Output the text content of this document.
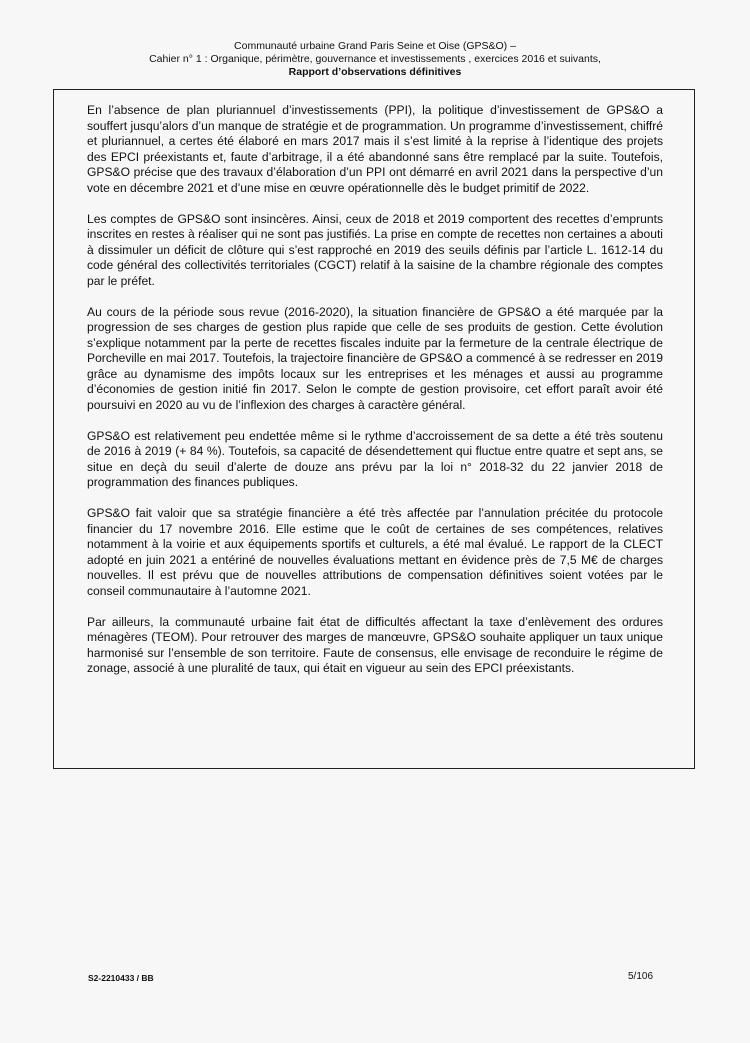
Communauté urbaine Grand Paris Seine et Oise (GPS&O) –
Cahier n° 1 : Organique, périmètre, gouvernance et investissements , exercices 2016 et suivants,
Rapport d’observations définitives

En l’absence de plan pluriannuel d’investissements (PPI), la politique d’investissement de GPS&O a souffert jusqu’alors d’un manque de stratégie et de programmation. Un programme d’investissement, chiffré et pluriannuel, a certes été élaboré en mars 2017 mais il s’est limité à la reprise à l’identique des projets des EPCI préexistants et, faute d’arbitrage, il a été abandonné sans être remplacé par la suite. Toutefois, GPS&O précise que des travaux d’élaboration d’un PPI ont démarré en avril 2021 dans la perspective d’un vote en décembre 2021 et d’une mise en œuvre opérationnelle dès le budget primitif de 2022.

Les comptes de GPS&O sont insincères. Ainsi, ceux de 2018 et 2019 comportent des recettes d’emprunts inscrites en restes à réaliser qui ne sont pas justifiés. La prise en compte de recettes non certaines a abouti à dissimuler un déficit de clôture qui s’est rapproché en 2019 des seuils définis par l’article L. 1612-14 du code général des collectivités territoriales (CGCT) relatif à la saisine de la chambre régionale des comptes par le préfet.

Au cours de la période sous revue (2016-2020), la situation financière de GPS&O a été marquée par la progression de ses charges de gestion plus rapide que celle de ses produits de gestion. Cette évolution s’explique notamment par la perte de recettes fiscales induite par la fermeture de la centrale électrique de Porcheville en mai 2017. Toutefois, la trajectoire financière de GPS&O a commencé à se redresser en 2019 grâce au dynamisme des impôts locaux sur les entreprises et les ménages et aussi au programme d’économies de gestion initié fin 2017. Selon le compte de gestion provisoire, cet effort paraît avoir été poursuivi en 2020 au vu de l’inflexion des charges à caractère général.

GPS&O est relativement peu endettée même si le rythme d’accroissement de sa dette a été très soutenu de 2016 à 2019 (+ 84 %). Toutefois, sa capacité de désendettement qui fluctue entre quatre et sept ans, se situe en deçà du seuil d’alerte de douze ans prévu par la loi n° 2018-32 du 22 janvier 2018 de programmation des finances publiques.

GPS&O fait valoir que sa stratégie financière a été très affectée par l’annulation précitée du protocole financier du 17 novembre 2016. Elle estime que le coût de certaines de ses compétences, relatives notamment à la voirie et aux équipements sportifs et culturels, a été mal évalué. Le rapport de la CLECT adopté en juin 2021 a entériné de nouvelles évaluations mettant en évidence près de 7,5 M€ de charges nouvelles. Il est prévu que de nouvelles attributions de compensation définitives soient votées par le conseil communautaire à l’automne 2021.

Par ailleurs, la communauté urbaine fait état de difficultés affectant la taxe d’enlèvement des ordures ménagères (TEOM). Pour retrouver des marges de manœuvre, GPS&O souhaite appliquer un taux unique harmonisé sur l’ensemble de son territoire. Faute de consensus, elle envisage de reconduire le régime de zonage, associé à une pluralité de taux, qui était en vigueur au sein des EPCI préexistants.

S2-2210433 / BB	5/106
